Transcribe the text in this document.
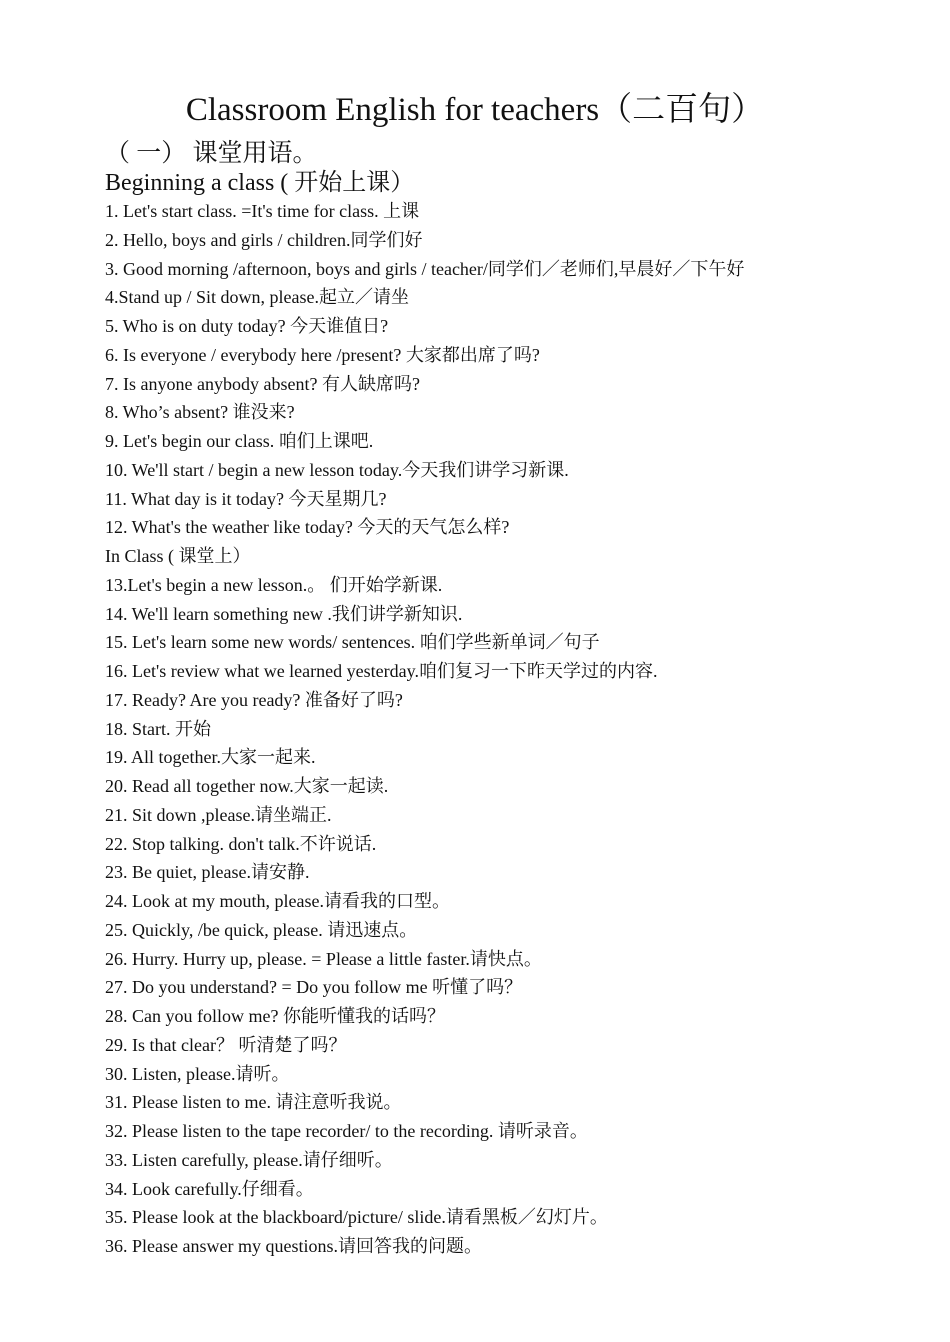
Classroom English for teachers（二百句）
（ 一） 课堂用语。
Beginning a class ( 开始上课）
1. Let's start class. =It's time for class. 上课
2. Hello, boys and girls / children.同学们好
3. Good morning /afternoon, boys and girls / teacher/同学们／老师们,早晨好／下午好
4.Stand up / Sit down, please.起立／请坐
5. Who is on duty today? 今天谁值日?
6. Is everyone / everybody here /present? 大家都出席了吗?
7. Is anyone anybody absent? 有人缺席吗?
8. Who’s absent? 谁没来?
9. Let's begin our class. 咱们上课吧.
10. We'll start / begin a new lesson today.今天我们讲学习新课.
11. What day is it today? 今天星期几?
12. What's the weather like today? 今天的天气怎么样?
In Class ( 课堂上）
13.Let's begin a new lesson.。 们开始学新课.
14. We'll learn something new .我们讲学新知识.
15. Let's learn some new words/ sentences. 咱们学些新单词／句子
16. Let's review what we learned yesterday.咱们复习一下昨天学过的内容.
17. Ready? Are you ready? 准备好了吗?
18. Start. 开始
19. All together.大家一起来.
20. Read all together now.大家一起读.
21. Sit down ,please.请坐端正.
22. Stop talking. don't talk.不许说话.
23. Be quiet, please.请安静.
24. Look at my mouth, please.请看我的口型。
25. Quickly, /be quick, please. 请迅速点。
26. Hurry. Hurry up, please. = Please a little faster.请快点。
27. Do you understand? = Do you follow me 听懂了吗？
28. Can you follow me? 你能听懂我的话吗？
29. Is that clear？ 听清楚了吗？
30. Listen, please.请听。
31. Please listen to me. 请注意听我说。
32. Please listen to the tape recorder/ to the recording. 请听录音。
33. Listen carefully, please.请仔细听。
34. Look carefully.仔细看。
35. Please look at the blackboard/picture/ slide.请看黑板／幻灯片。
36. Please answer my questions.请回答我的问题。
